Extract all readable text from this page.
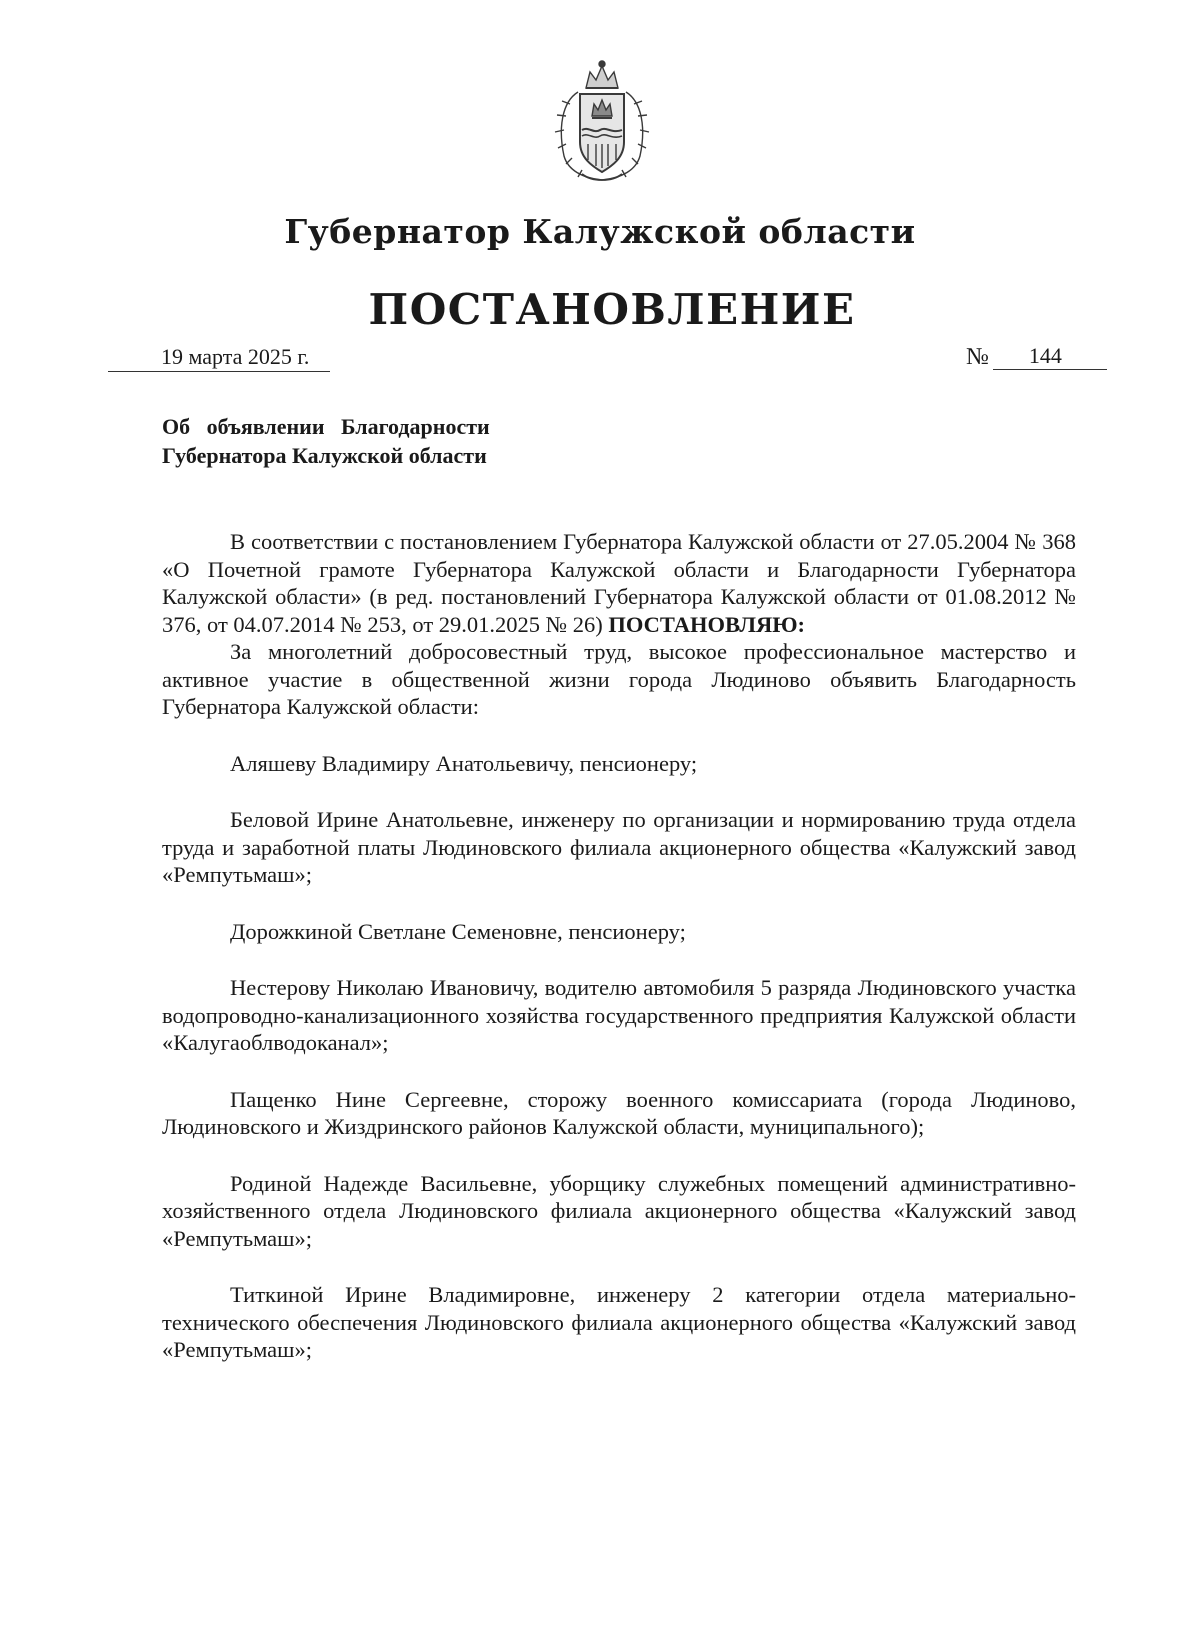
Губернатор Калужской области
ПОСТАНОВЛЕНИЕ
19 марта 2025 г.	№ 144
Об   объявлении   Благодарности
Губернатора Калужской области

В соответствии с постановлением Губернатора Калужской области от 27.05.2004 № 368 «О Почетной грамоте Губернатора Калужской области и Благодарности Губернатора Калужской области» (в ред. постановлений Губернатора Калужской области от 01.08.2012 № 376, от 04.07.2014 № 253, от 29.01.2025 № 26) ПОСТАНОВЛЯЮ:

За многолетний добросовестный труд, высокое профессиональное мастерство и активное участие в общественной жизни города Людиново объявить Благодарность Губернатора Калужской области:

Аляшеву Владимиру Анатольевичу, пенсионеру;

Беловой Ирине Анатольевне, инженеру по организации и нормированию труда отдела труда и заработной платы Людиновского филиала акционерного общества «Калужский завод «Ремпутьмаш»;

Дорожкиной Светлане Семеновне, пенсионеру;

Нестерову Николаю Ивановичу, водителю автомобиля 5 разряда Людиновского участка водопроводно-канализационного хозяйства государственного предприятия Калужской области «Калугаоблводоканал»;

Пащенко Нине Сергеевне, сторожу военного комиссариата (города Людиново, Людиновского и Жиздринского районов Калужской области, муниципального);

Родиной Надежде Васильевне, уборщику служебных помещений административно-хозяйственного отдела Людиновского филиала акционерного общества «Калужский завод «Ремпутьмаш»;

Титкиной Ирине Владимировне, инженеру 2 категории отдела материально-технического обеспечения Людиновского филиала акционерного общества «Калужский завод «Ремпутьмаш»;
